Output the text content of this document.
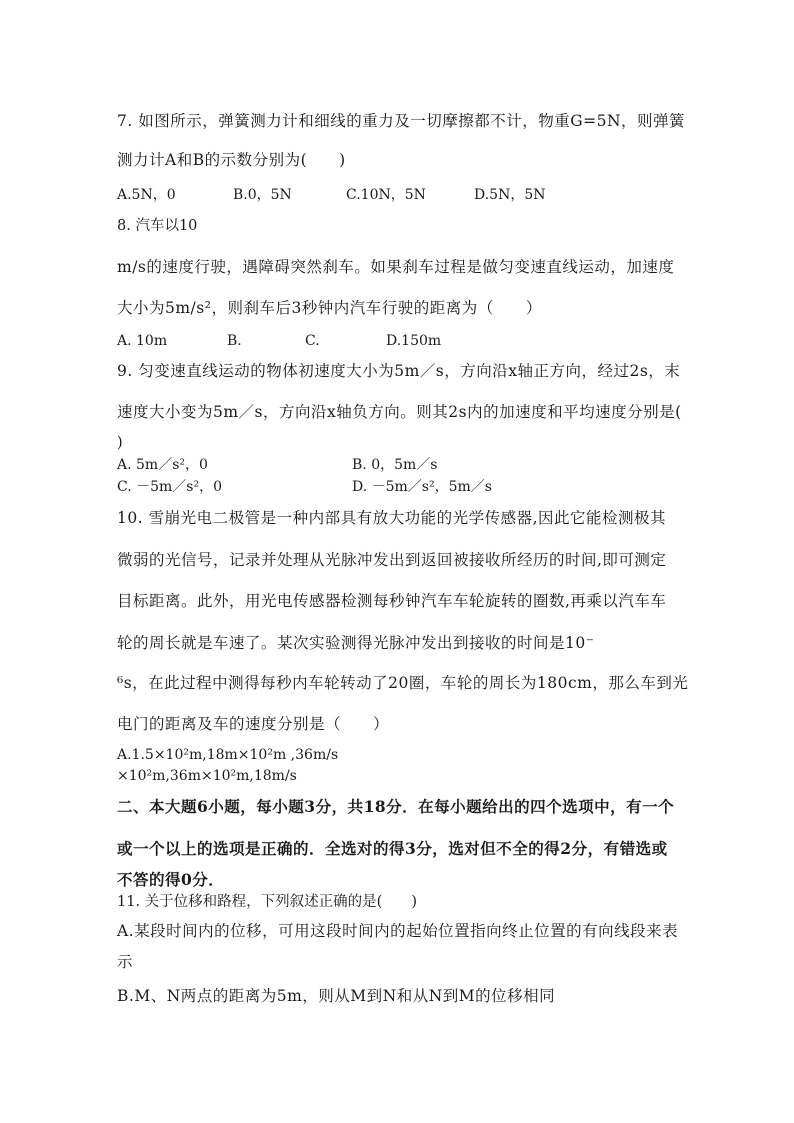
7. 如图所示，弹簧测力计和细线的重力及一切摩擦都不计，物重G=5N，则弹簧
测力计A和B的示数分别为(　　)
A.5N，0	B.0，5N	C.10N，5N	D.5N，5N
8. 汽车以10
m/s的速度行驶，遇障碍突然刹车。如果刹车过程是做匀变速直线运动，加速度
大小为5m/s²，则刹车后3秒钟内汽车行驶的距离为（　　）
A. 10m	B.	C.	D.150m
9. 匀变速直线运动的物体初速度大小为5m／s，方向沿x轴正方向，经过2s，末
速度大小变为5m／s，方向沿x轴负方向。则其2s内的加速度和平均速度分别是(
)
A. 5m／s²，0	B. 0，5m／s
C. －5m／s²，0	D. －5m／s²，5m／s
10. 雪崩光电二极管是一种内部具有放大功能的光学传感器,因此它能检测极其
微弱的光信号，记录并处理从光脉冲发出到返回被接收所经历的时间,即可测定
目标距离。此外，用光电传感器检测每秒钟汽车车轮旋转的圈数,再乘以汽车车
轮的周长就是车速了。某次实验测得光脉冲发出到接收的时间是10⁻
⁶s，在此过程中测得每秒内车轮转动了20圈，车轮的周长为180cm，那么车到光
电门的距离及车的速度分别是（　　）
A.1.5×10²m,18m×10²m ,36m/s
×10²m,36m×10²m,18m/s
二、本大题6小题，每小题3分，共18分．在每小题给出的四个选项中，有一个
或一个以上的选项是正确的．全选对的得3分，选对但不全的得2分，有错选或
不答的得0分．
11. 关于位移和路程，下列叙述正确的是(　　)
A.某段时间内的位移，可用这段时间内的起始位置指向终止位置的有向线段来表
示
B.M、N两点的距离为5m，则从M到N和从N到M的位移相同
